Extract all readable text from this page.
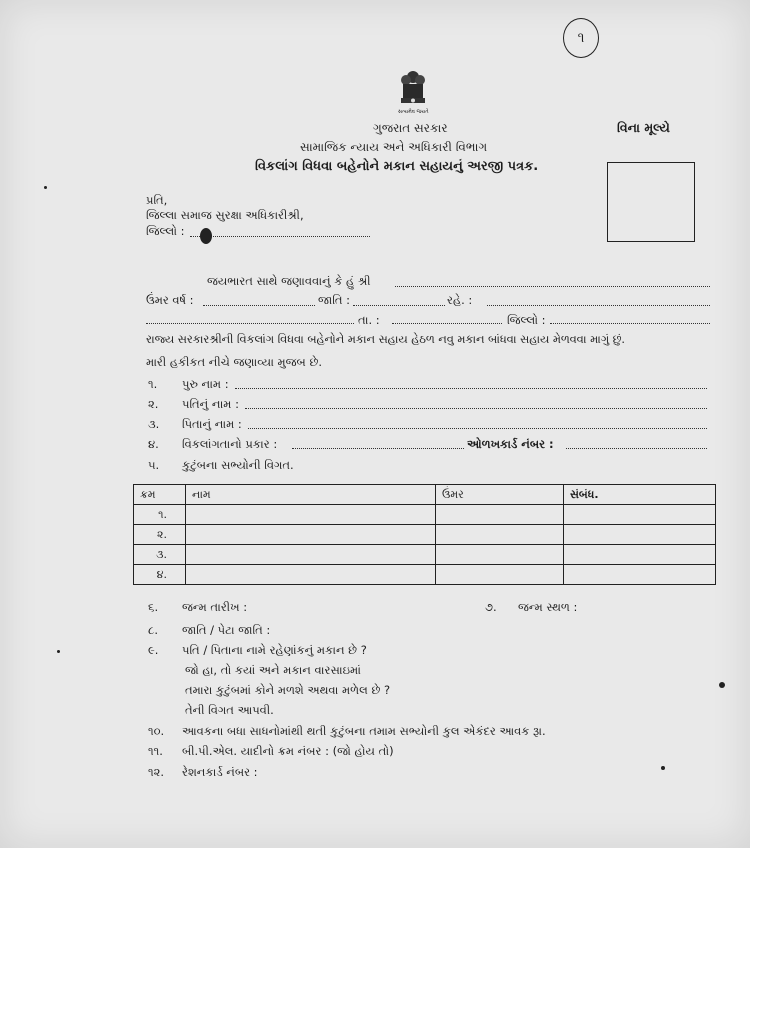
૧
સત્યમેવ જયતે
ગુજરાત સરકાર	વિના મૂલ્યે
સામાજિક ન્યાય અને અધિકારી વિભાગ
વિકલાંગ વિધવા બહેનોને મકાન સહાયનું અરજી પત્રક.
પ્રતિ,
જિલ્લા સમાજ સુરક્ષા અધિકારીશ્રી,
જિલ્લો :
જયભારત સાથે જણાવવાનું કે હું શ્રી
ઉંમર વર્ષ :	જાતિ :	રહે. :
તા. :	જિલ્લો :
રાજ્ય સરકારશ્રીની વિકલાંગ વિધવા બહેનોને મકાન સહાય હેઠળ નવુ મકાન બાંધવા સહાય મેળવવા માગું છું.
મારી હકીકત નીચે જણાવ્યા મુજબ છે.
૧. પુરુ નામ :
૨. પતિનું નામ :
૩. પિતાનું નામ :
૪. વિકલાંગતાનો પ્રકાર :	ઓળખકાર્ડ નંબર :
૫. કુટુંબના સભ્યોની વિગત.
ક્રમ	નામ	ઉંમર	સંબંધ.
૧.			
૨.			
૩.			
૪.			
૬. જન્મ તારીખ :	૭. જન્મ સ્થળ :
૮. જાતિ / પેટા જાતિ :
૯. પતિ / પિતાના નામે રહેણાંકનું મકાન છે ?
જો હા, તો કયાં અને મકાન વારસાઇમાં
તમારા કુટુંબમાં કોને મળશે અથવા મળેલ છે ?
તેની વિગત આપવી.
૧૦. આવકના બધા સાધનોમાંથી થતી કુટુંબના તમામ સભ્યોની કુલ એકંદર આવક રૂા.
૧૧. બી.પી.એલ. યાદીનો ક્રમ નંબર : (જો હોય તો)
૧૨. રેશનકાર્ડ નંબર :
